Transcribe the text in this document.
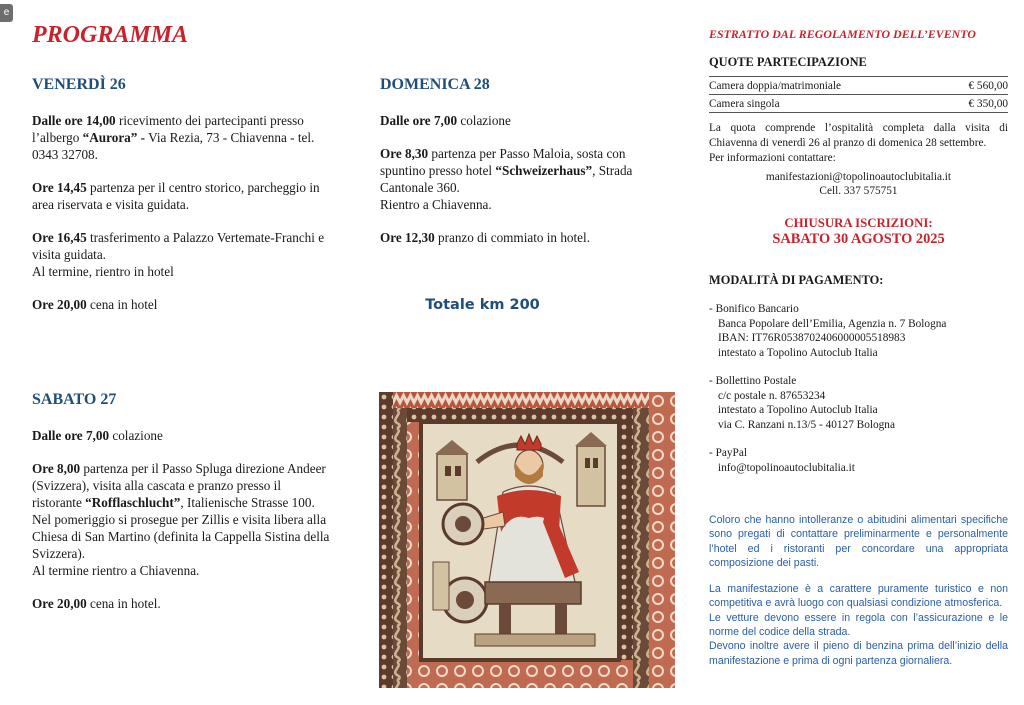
e
PROGRAMMA
VENERDÌ 26

Dalle ore 14,00 ricevimento dei partecipanti presso l’albergo “Aurora” - Via Rezia, 73 - Chiavenna - tel. 0343 32708.

Ore 14,45 partenza per il centro storico, parcheggio in area riservata e visita guidata.

Ore 16,45 trasferimento a Palazzo Vertemate-Franchi e visita guidata.
Al termine, rientro in hotel

Ore 20,00 cena in hotel

SABATO 27

Dalle ore 7,00 colazione

Ore 8,00 partenza per il Passo Spluga direzione Andeer (Svizzera), visita alla cascata e pranzo presso il ristorante “Rofflaschlucht”, Italienische Strasse 100.
Nel pomeriggio si prosegue per Zillis e visita libera alla Chiesa di San Martino (definita la Cappella Sistina della Svizzera).
Al termine rientro a Chiavenna.

Ore 20,00 cena in hotel.

DOMENICA 28

Dalle ore 7,00 colazione

Ore 8,30 partenza per Passo Maloia, sosta con spuntino presso hotel “Schweizerhaus”, Strada Cantonale 360.
Rientro a Chiavenna.

Ore 12,30 pranzo di commiato in hotel.

Totale km 200
ESTRATTO DAL REGOLAMENTO DELL’EVENTO
QUOTE PARTECIPAZIONE
Camera doppia/matrimoniale	€ 560,00
Camera singola	€ 350,00
La quota comprende l’ospitalità completa dalla visita di Chiavenna di venerdì 26 al pranzo di domenica 28 settembre.
Per informazioni contattare:
manifestazioni@topolinoautoclubitalia.it
Cell. 337 575751
CHIUSURA ISCRIZIONI:
SABATO 30 AGOSTO 2025
MODALITÀ DI PAGAMENTO:
- Bonifico Bancario
Banca Popolare dell’Emilia, Agenzia n. 7 Bologna
IBAN: IT76R0538702406000005518983
intestato a Topolino Autoclub Italia
- Bollettino Postale
c/c postale n. 87653234
intestato a Topolino Autoclub Italia
via C. Ranzani n.13/5 - 40127 Bologna
- PayPal
info@topolinoautoclubitalia.it

Coloro che hanno intolleranze o abitudini alimentari specifiche sono pregati di contattare preliminarmente e personalmente l’hotel ed i ristoranti per concordare una appropriata composizione dei pasti.

La manifestazione è a carattere puramente turistico e non competitiva e avrà luogo con qualsiasi condizione atmosferica.

Le vetture devono essere in regola con l’assicurazione e le norme del codice della strada.

Devono inoltre avere il pieno di benzina prima dell’inizio della manifestazione e prima di ogni partenza giornaliera.
